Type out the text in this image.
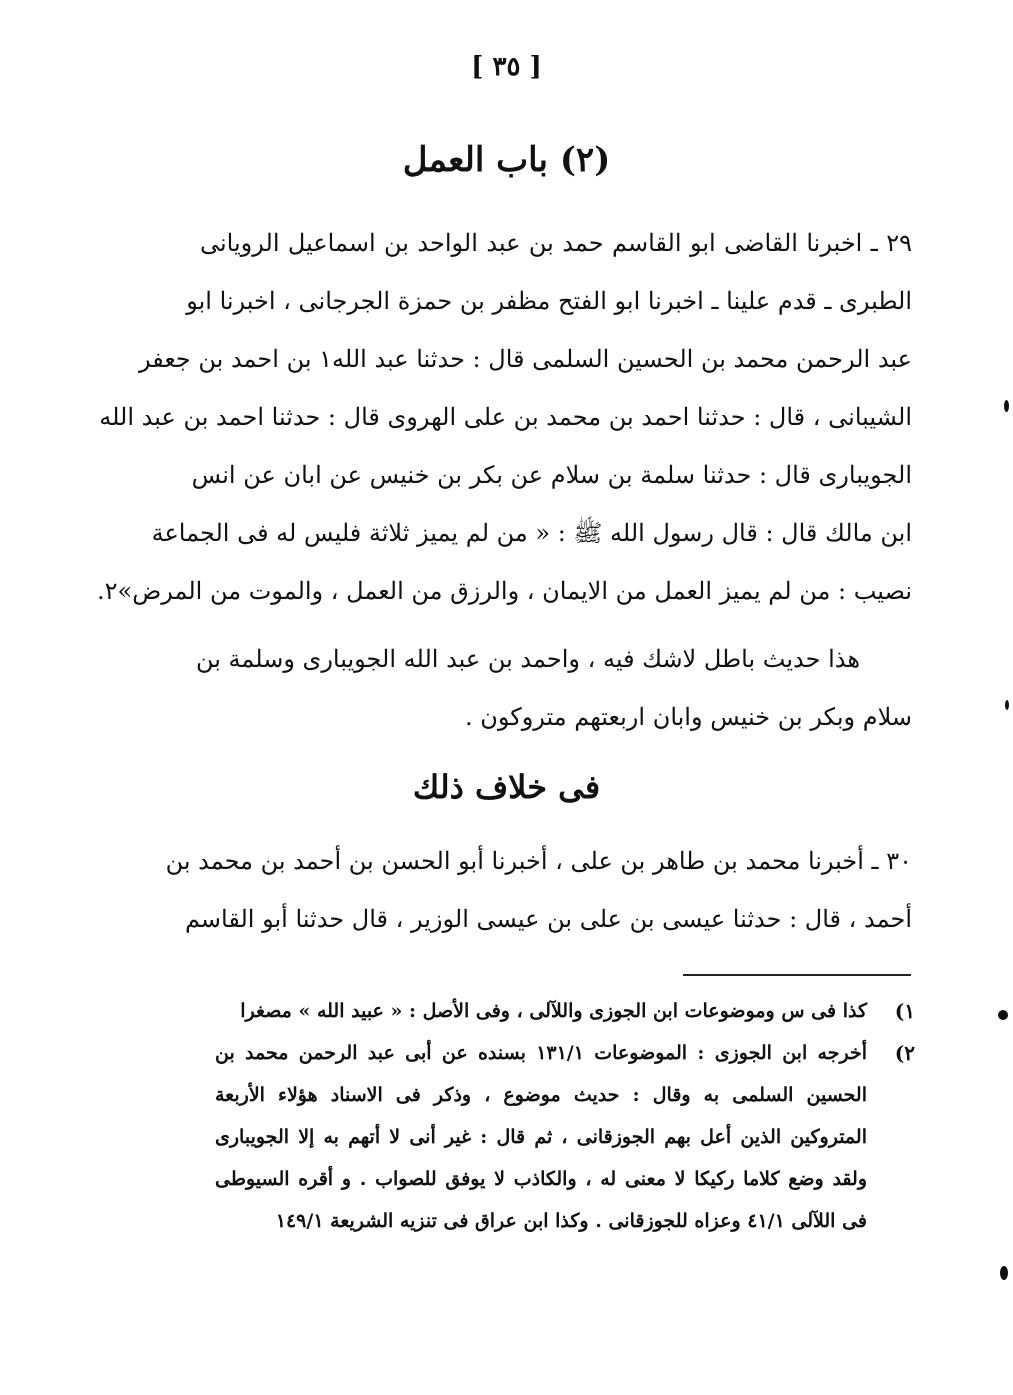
[ ٣٥ ]
(٢) باب العمل
٢٩ ـ اخبرنا القاضى ابو القاسم حمد بن عبد الواحد بن اسماعيل الرويانى
الطبرى ـ قدم علينا ـ اخبرنا ابو الفتح مظفر بن حمزة الجرجانى ، اخبرنا ابو
عبد الرحمن محمد بن الحسين السلمى قال : حدثنا عبد الله١ بن احمد بن جعفر
الشيبانى ، قال : حدثنا احمد بن محمد بن على الهروى قال : حدثنا احمد بن عبد الله
الجويبارى قال : حدثنا سلمة بن سلام عن بكر بن خنيس عن ابان عن انس
ابن مالك قال : قال رسول الله ﷺ : « من لم يميز ثلاثة فليس له فى الجماعة
نصيب : من لم يميز العمل من الايمان ، والرزق من العمل ، والموت من المرض»٢.
هذا حديث باطل لاشك فيه ، واحمد بن عبد الله الجويبارى وسلمة بن
سلام وبكر بن خنيس وابان اربعتهم متروكون .
فى خلاف ذلك
٣٠ ـ أخبرنا محمد بن طاهر بن على ، أخبرنا أبو الحسن بن أحمد بن محمد بن
أحمد ، قال : حدثنا عيسى بن على بن عيسى الوزير ، قال حدثنا أبو القاسم
١)
كذا فى س وموضوعات ابن الجوزى واللآلى ، وفى الأصل : « عبيد الله » مصغرا
٢)
أخرجه ابن الجوزى : الموضوعات ١٣١/١ بسنده عن أبى عبد الرحمن محمد بن
الحسين السلمى به وقال : حديث موضوع ، وذكر فى الاسناد هؤلاء الأربعة
المتروكين الذين أعل بهم الجوزقانى ، ثم قال : غير أنى لا أتهم به إلا الجويبارى
ولقد وضع كلاما ركيكا لا معنى له ، والكاذب لا يوفق للصواب . و أقره السيوطى
فى اللآلى ٤١/١ وعزاه للجوزقانى . وكذا ابن عراق فى تنزيه الشريعة ١٤٩/١
